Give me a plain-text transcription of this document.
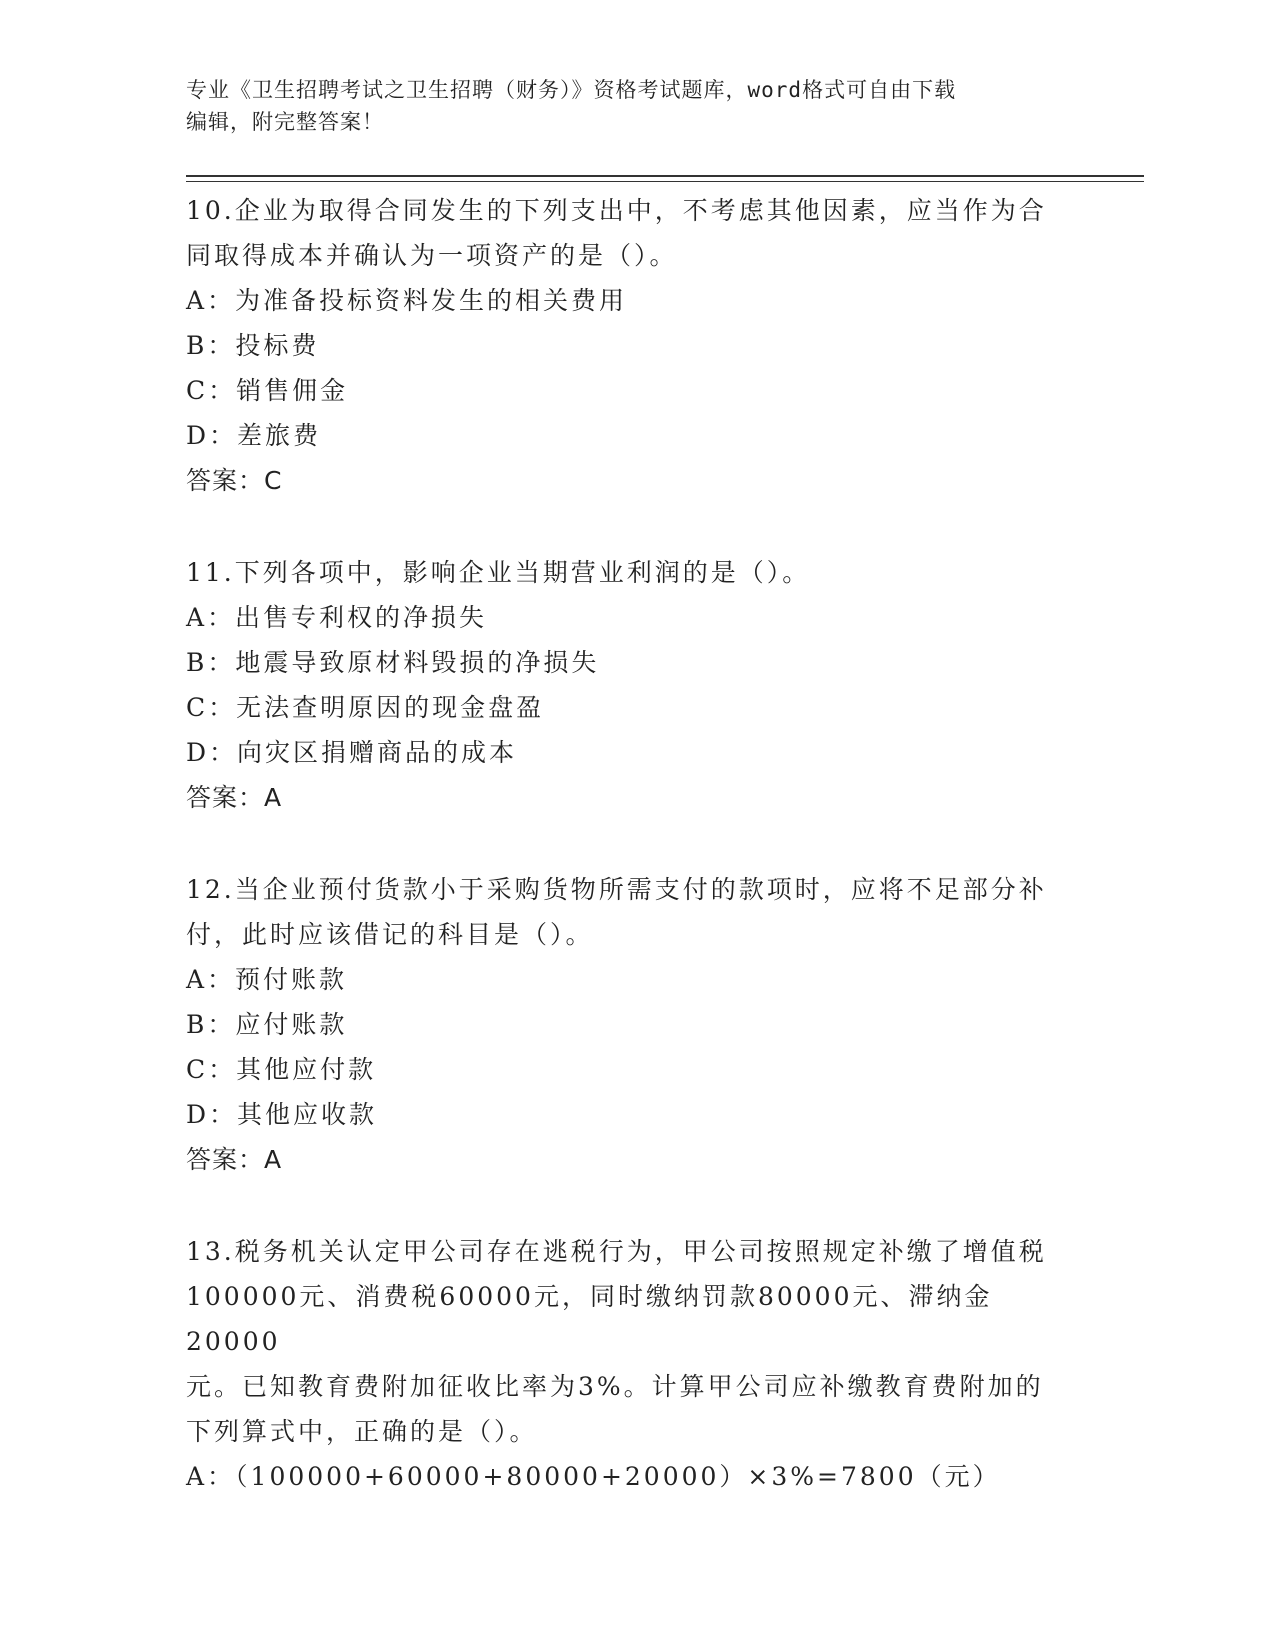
专业《卫生招聘考试之卫生招聘（财务）》资格考试题库，word格式可自由下载
编辑，附完整答案！
10.企业为取得合同发生的下列支出中，不考虑其他因素，应当作为合
同取得成本并确认为一项资产的是（）。
A：为准备投标资料发生的相关费用
B：投标费
C：销售佣金
D：差旅费
答案：C
11.下列各项中，影响企业当期营业利润的是（）。
A：出售专利权的净损失
B：地震导致原材料毁损的净损失
C：无法查明原因的现金盘盈
D：向灾区捐赠商品的成本
答案：A
12.当企业预付货款小于采购货物所需支付的款项时，应将不足部分补
付，此时应该借记的科目是（）。
A：预付账款
B：应付账款
C：其他应付款
D：其他应收款
答案：A
13.税务机关认定甲公司存在逃税行为，甲公司按照规定补缴了增值税
100000元、消费税60000元，同时缴纳罚款80000元、滞纳金20000
元。已知教育费附加征收比率为3%。计算甲公司应补缴教育费附加的
下列算式中，正确的是（）。
A：（100000+60000+80000+20000）×3%=7800（元）
